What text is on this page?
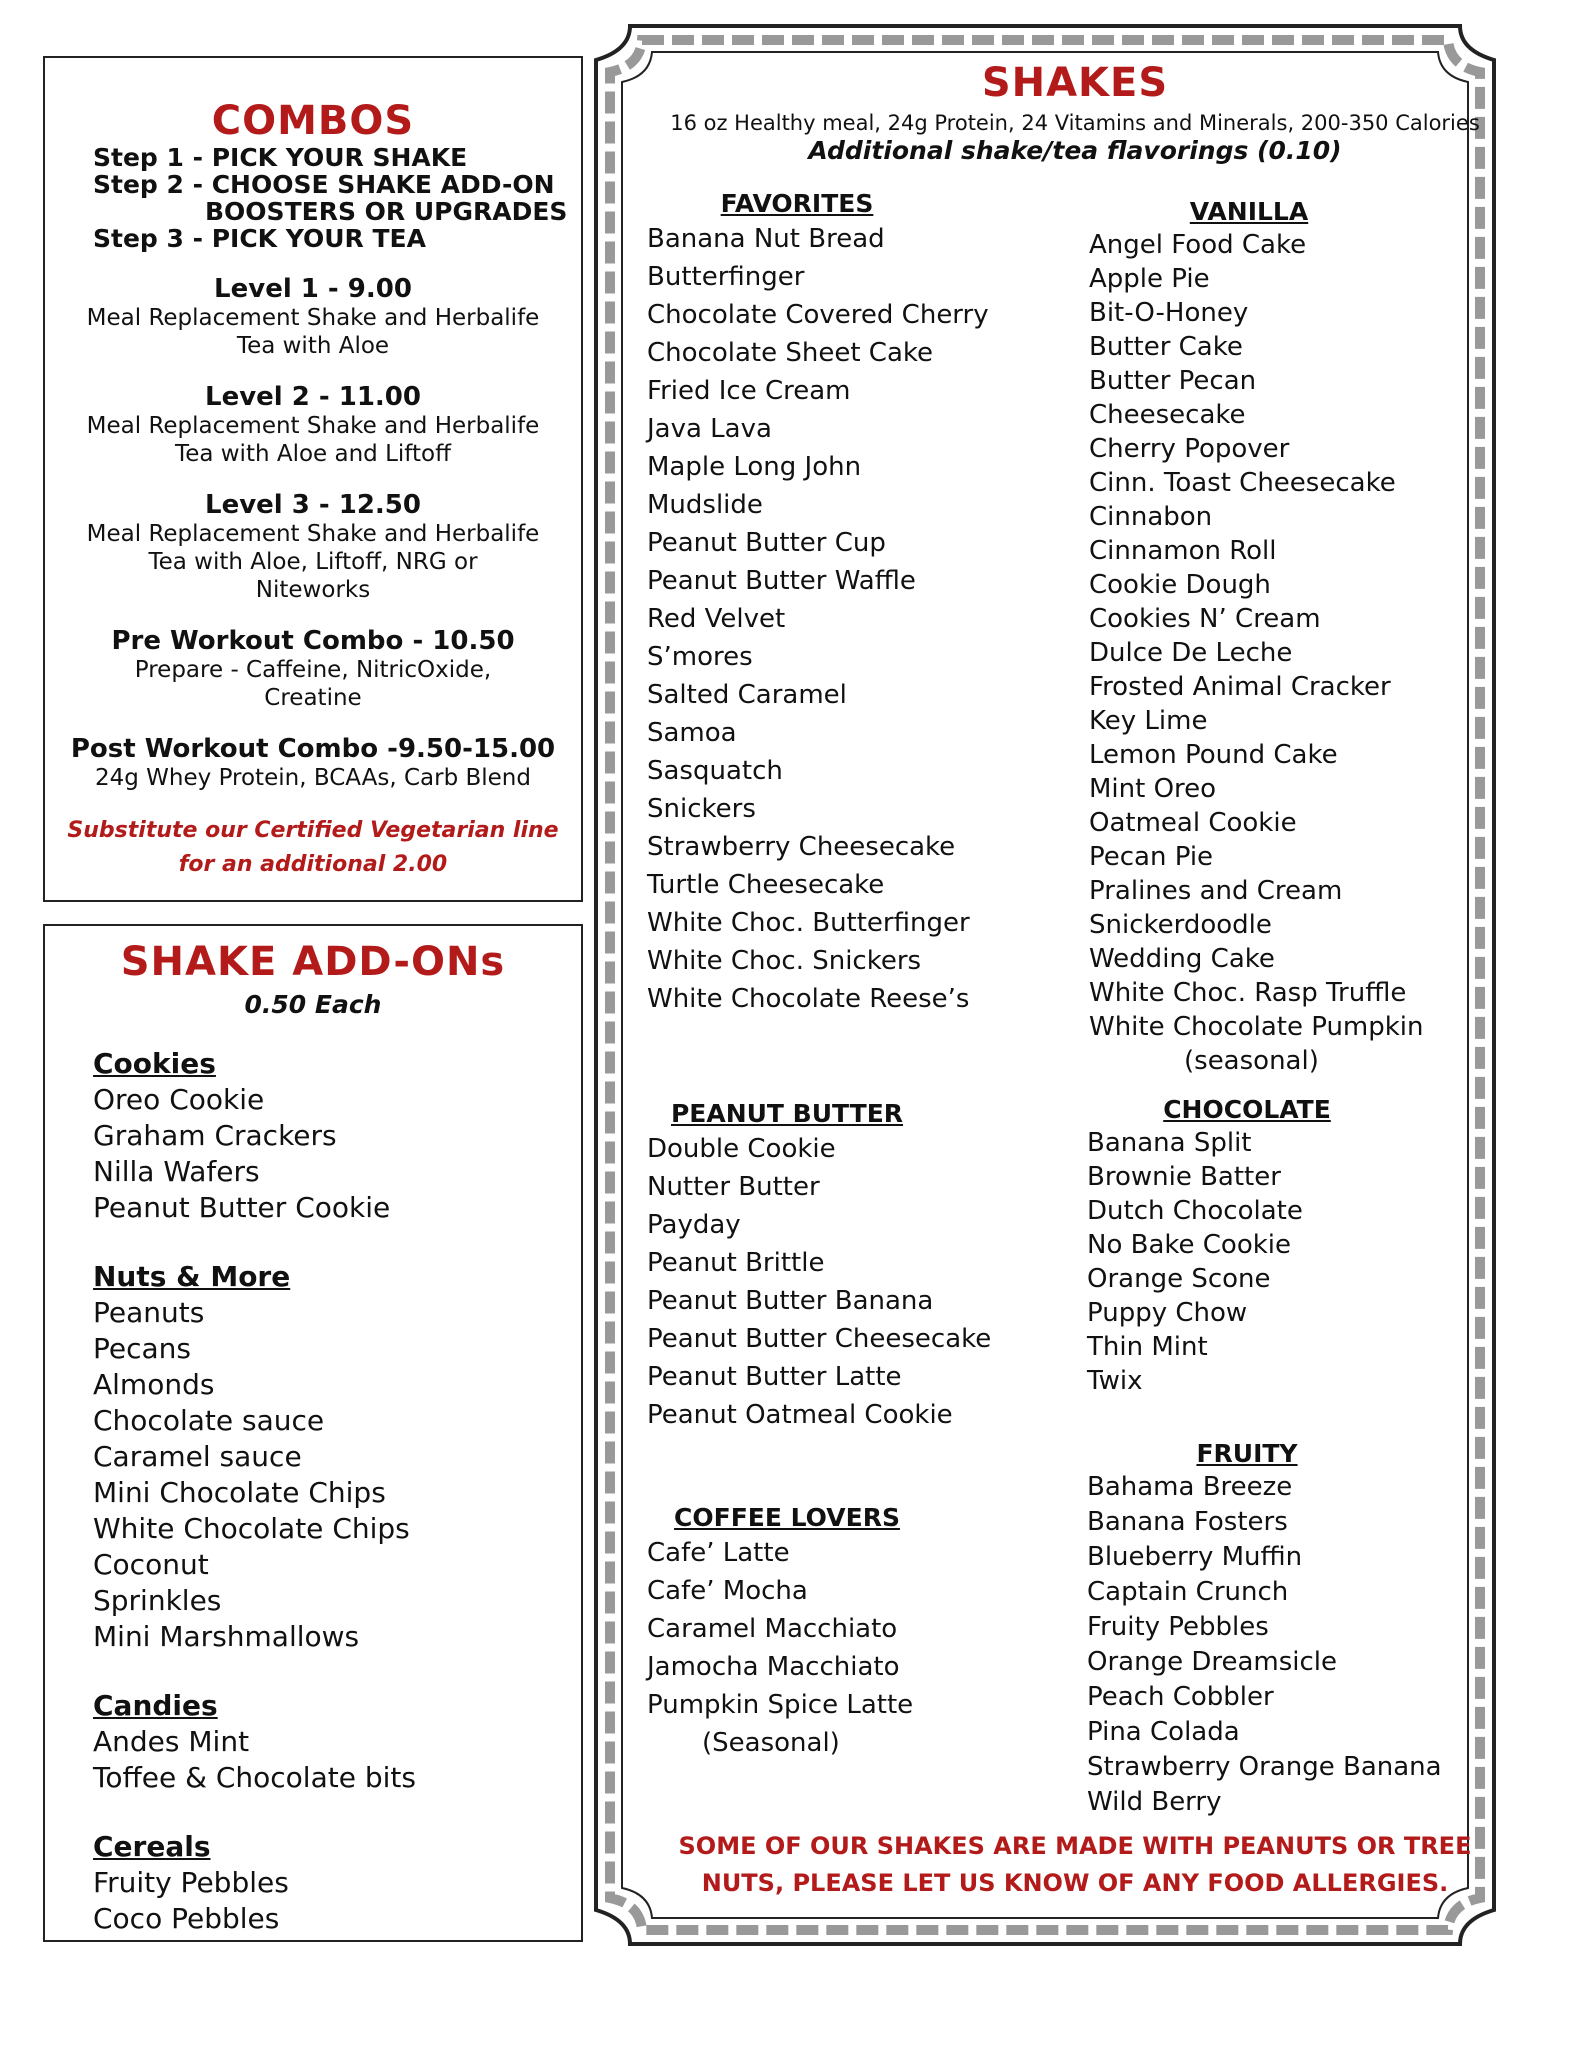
COMBOS
Step 1 - PICK YOUR SHAKE
Step 2 - CHOOSE SHAKE ADD-ON
BOOSTERS OR UPGRADES
Step 3 - PICK YOUR TEA
Level 1 - 9.00
Meal Replacement Shake and Herbalife
Tea with Aloe
Level 2 - 11.00
Meal Replacement Shake and Herbalife
Tea with Aloe and Liftoff
Level 3 - 12.50
Meal Replacement Shake and Herbalife
Tea with Aloe, Liftoff, NRG or
Niteworks
Pre Workout Combo - 10.50
Prepare - Caffeine, NitricOxide,
Creatine
Post Workout Combo -9.50-15.00
24g Whey Protein, BCAAs, Carb Blend
Substitute our Certified Vegetarian line
for an additional 2.00
SHAKE ADD-ONs
0.50 Each
Cookies
Oreo Cookie
Graham Crackers
Nilla Wafers
Peanut Butter Cookie
Nuts & More
Peanuts
Pecans
Almonds
Chocolate sauce
Caramel sauce
Mini Chocolate Chips
White Chocolate Chips
Coconut
Sprinkles
Mini Marshmallows
Candies
Andes Mint
Toffee & Chocolate bits
Cereals
Fruity Pebbles
Coco Pebbles
SHAKES
16 oz Healthy meal, 24g Protein, 24 Vitamins and Minerals, 200-350 Calories
Additional shake/tea flavorings (0.10)
FAVORITES
Banana Nut Bread
Butterfinger
Chocolate Covered Cherry
Chocolate Sheet Cake
Fried Ice Cream
Java Lava
Maple Long John
Mudslide
Peanut Butter Cup
Peanut Butter Waffle
Red Velvet
S’mores
Salted Caramel
Samoa
Sasquatch
Snickers
Strawberry Cheesecake
Turtle Cheesecake
White Choc. Butterfinger
White Choc. Snickers
White Chocolate Reese’s
VANILLA
Angel Food Cake
Apple Pie
Bit-O-Honey
Butter Cake
Butter Pecan
Cheesecake
Cherry Popover
Cinn. Toast Cheesecake
Cinnabon
Cinnamon Roll
Cookie Dough
Cookies N’ Cream
Dulce De Leche
Frosted Animal Cracker
Key Lime
Lemon Pound Cake
Mint Oreo
Oatmeal Cookie
Pecan Pie
Pralines and Cream
Snickerdoodle
Wedding Cake
White Choc. Rasp Truffle
White Chocolate Pumpkin
(seasonal)
PEANUT BUTTER
Double Cookie
Nutter Butter
Payday
Peanut Brittle
Peanut Butter Banana
Peanut Butter Cheesecake
Peanut Butter Latte
Peanut Oatmeal Cookie
CHOCOLATE
Banana Split
Brownie Batter
Dutch Chocolate
No Bake Cookie
Orange Scone
Puppy Chow
Thin Mint
Twix
COFFEE LOVERS
Cafe’ Latte
Cafe’ Mocha
Caramel Macchiato
Jamocha Macchiato
Pumpkin Spice Latte
(Seasonal)
FRUITY
Bahama Breeze
Banana Fosters
Blueberry Muffin
Captain Crunch
Fruity Pebbles
Orange Dreamsicle
Peach Cobbler
Pina Colada
Strawberry Orange Banana
Wild Berry
SOME OF OUR SHAKES ARE MADE WITH PEANUTS OR TREE
NUTS, PLEASE LET US KNOW OF ANY FOOD ALLERGIES.
